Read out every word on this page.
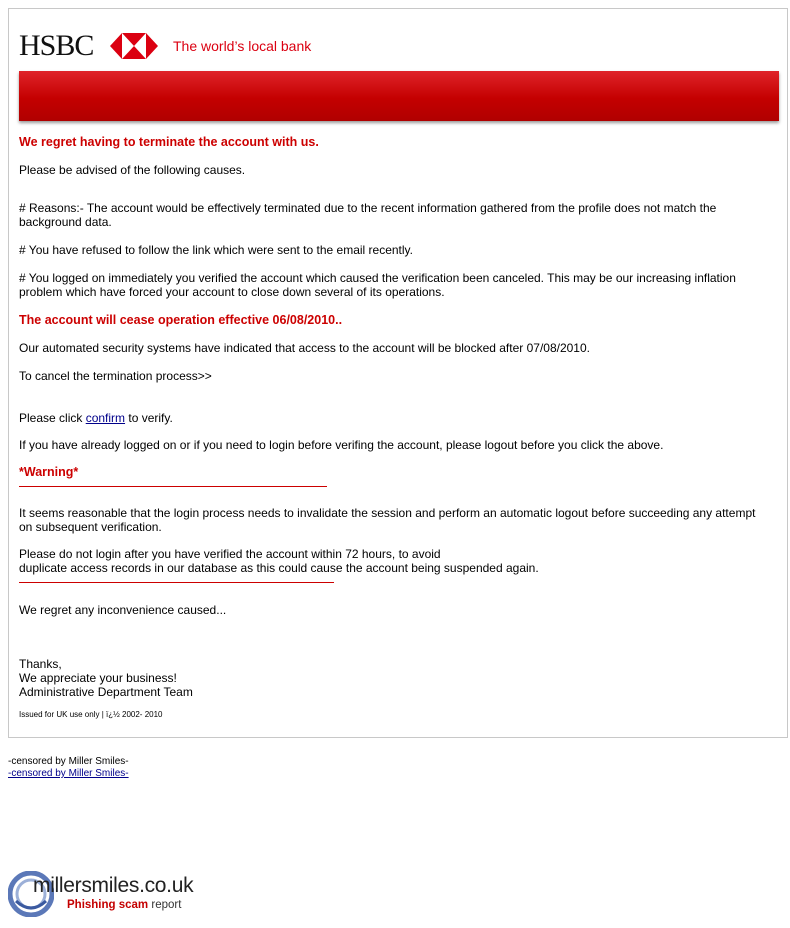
HSBC	The world’s local bank

We regret having to terminate the account with us.

Please be advised of the following causes.

# Reasons:- The account would be effectively terminated due to the recent information gathered from the profile does not match the background data.

# You have refused to follow the link which were sent to the email recently.

# You logged on immediately you verified the account which caused the verification been canceled. This may be our increasing inflation problem which have forced your account to close down several of its operations.

The account will cease operation effective 06/08/2010..

Our automated security systems have indicated that access to the account will be blocked after 07/08/2010.

To cancel the termination process>>

Please click confirm to verify.

If you have already logged on or if you need to login before verifing the account, please logout before you click the above.

*Warning*

It seems reasonable that the login process needs to invalidate the session and perform an automatic logout before succeeding any attempt on subsequent verification.

Please do not login after you have verified the account within 72 hours, to avoid

duplicate access records in our database as this could cause the account being suspended again.

We regret any inconvenience caused...

Thanks,

We appreciate your business!

Administrative Department Team

Issued for UK use only | ï¿½ 2002- 2010

-censored by Miller Smiles-
-censored by Miller Smiles-
millersmiles.co.uk
Phishing scam report
